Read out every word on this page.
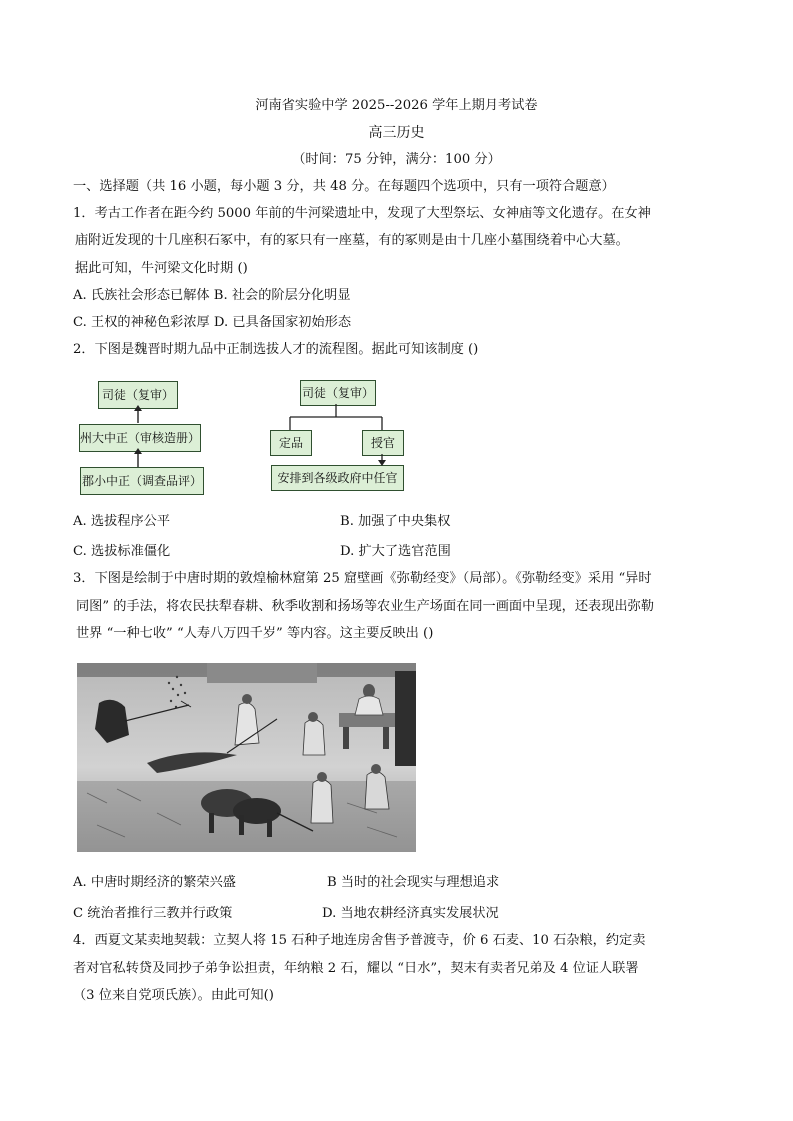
河南省实验中学 2025--2026 学年上期月考试卷
高三历史
（时间：75 分钟，满分：100 分）
一、选择题（共 16 小题，每小题 3 分，共 48 分。在每题四个选项中，只有一项符合题意）
1．考古工作者在距今约 5000 年前的牛河梁遗址中，发现了大型祭坛、女神庙等文化遗存。在女神
庙附近发现的十几座积石冢中，有的冢只有一座墓，有的冢则是由十几座小墓围绕着中心大墓。
据此可知，牛河梁文化时期 ()
A. 氏族社会形态已解体 B. 社会的阶层分化明显
C. 王权的神秘色彩浓厚 D. 已具备国家初始形态
2．下图是魏晋时期九品中正制选拔人才的流程图。据此可知该制度 ()
司徒（复审）
州大中正（审核造册）
郡小中正（调查品评）
司徒（复审）
定品	授官
安排到各级政府中任官
A. 选拔程序公平	B. 加强了中央集权
C. 选拔标准僵化	D. 扩大了选官范围
3．下图是绘制于中唐时期的敦煌榆林窟第 25 窟壁画《弥勒经变》（局部）。《弥勒经变》采用 “异时
同图” 的手法，将农民扶犁春耕、秋季收割和扬场等农业生产场面在同一画面中呈现，还表现出弥勒
世界 “一种七收” “人寿八万四千岁” 等内容。这主要反映出 ()
A. 中唐时期经济的繁荣兴盛	B 当时的社会现实与理想追求
C 统治者推行三教并行政策	D. 当地农耕经济真实发展状况
4．西夏文某卖地契载：立契人将 15 石种子地连房舍售予普渡寺，价 6 石麦、10 石杂粮，约定卖
者对官私转贷及同抄子弟争讼担责，年纳粮 2 石，耀以 “日水”，契末有卖者兄弟及 4 位证人联署
（3 位来自党项氏族）。由此可知()
